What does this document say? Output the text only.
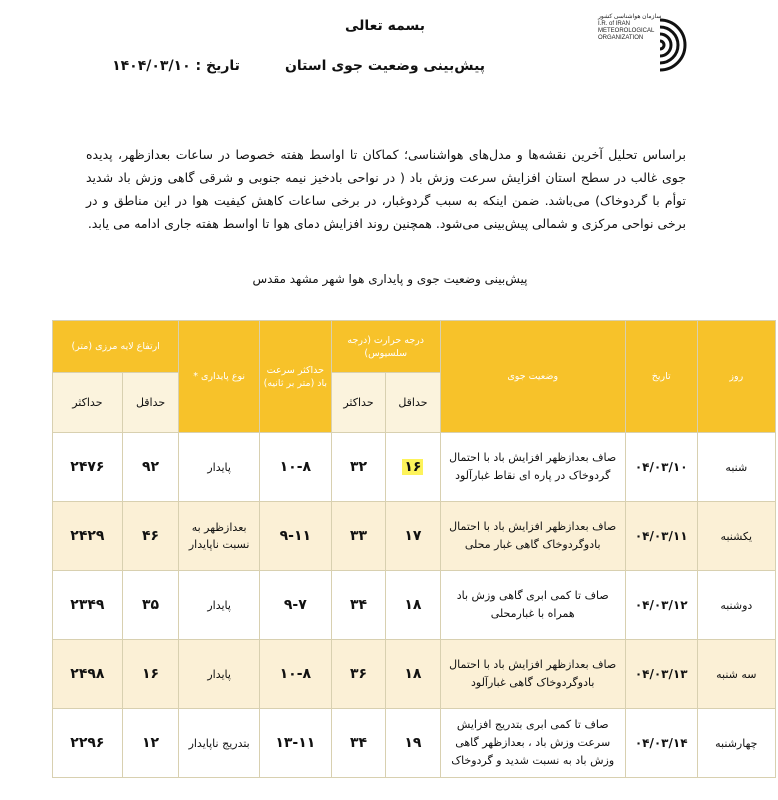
سازمان هواشناسی کشور I.R. of IRAN METEOROLOGICAL ORGANIZATION
بسمه تعالی
پیش‌بینی وضعیت جوی استان
تاریخ : ۱۴۰۴/۰۳/۱۰

براساس تحلیل آخرین نقشه‌ها و مدل‌های هواشناسی؛ کماکان تا اواسط هفته خصوصا در ساعات بعدازظهر، پدیده جوی غالب در سطح استان افزایش سرعت وزش باد ( در نواحی بادخیز نیمه جنوبی و شرقی گاهی وزش باد شدید توأم با گردوخاک) می‌باشد. ضمن اینکه به سبب گردوغبار، در برخی ساعات کاهش کیفیت هوا در این مناطق و در برخی نواحی مرکزی و شمالی پیش‌بینی می‌شود. همچنین روند افزایش دمای هوا تا اواسط هفته جاری ادامه می یابد.

پیش‌بینی وضعیت جوی و پایداری هوا شهر مشهد مقدس
روز	تاریخ	وضعیت جوی	درجه حرارت (درجه سلسیوس)		حداکثر سرعت باد (متر بر ثانیه)	نوع پایداری *	ارتفاع لایه مرزی (متر)	
			حداقل	حداکثر			حداقل	حداکثر
شنبه	۰۴/۰۳/۱۰	صاف بعدازظهر افزایش باد با احتمال گردوخاک در پاره ای نقاط غبارآلود	۱۶	۳۲	۱۰-۸	پایدار	۹۲	۲۴۷۶
یکشنبه	۰۴/۰۳/۱۱	صاف بعدازظهر افزایش باد با احتمال بادوگردوخاک گاهی غبار محلی	۱۷	۳۳	۹-۱۱	بعدازظهر به نسبت ناپایدار	۴۶	۲۴۲۹
دوشنبه	۰۴/۰۳/۱۲	صاف تا کمی ابری گاهی وزش باد همراه با غبارمحلی	۱۸	۳۴	۹-۷	پایدار	۳۵	۲۳۴۹
سه شنبه	۰۴/۰۳/۱۳	صاف بعدازظهر افزایش باد با احتمال بادوگردوخاک گاهی غبارآلود	۱۸	۳۶	۱۰-۸	پایدار	۱۶	۲۴۹۸
چهارشنبه	۰۴/۰۳/۱۴	صاف تا کمی ابری بتدریج افزایش سرعت وزش باد ، بعدازظهر گاهی وزش باد به نسبت شدید و گردوخاک	۱۹	۳۴	۱۳-۱۱	بتدریج ناپایدار	۱۲	۲۲۹۶
